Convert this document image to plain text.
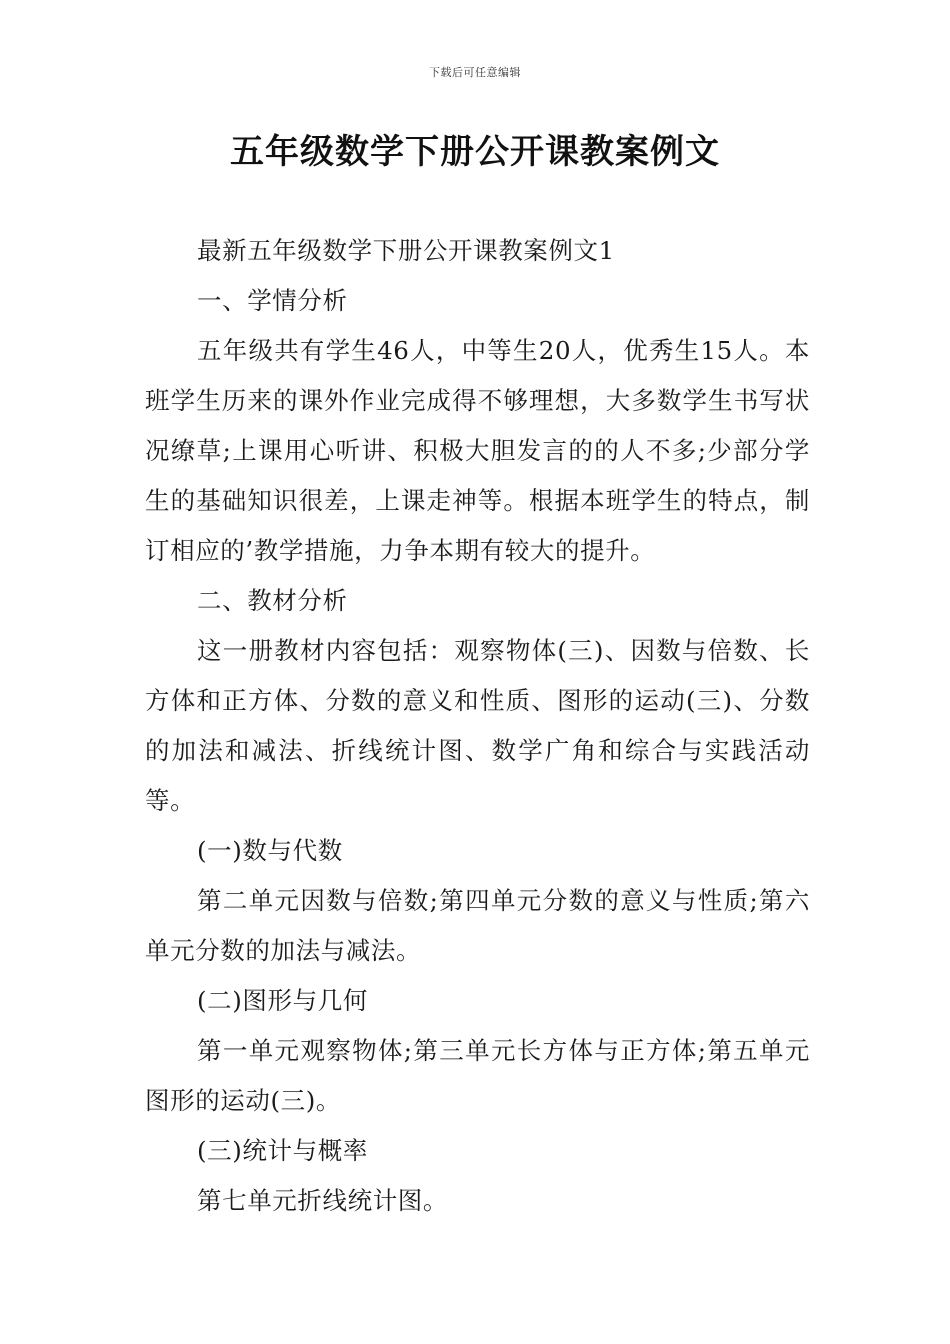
下载后可任意编辑
五年级数学下册公开课教案例文

最新五年级数学下册公开课教案例文1

一、学情分析

五年级共有学生46人，中等生20人，优秀生15人。本班学生历来的课外作业完成得不够理想，大多数学生书写状况缭草;上课用心听讲、积极大胆发言的的人不多;少部分学生的基础知识很差，上课走神等。根据本班学生的特点，制订相应的’教学措施，力争本期有较大的提升。

二、教材分析

这一册教材内容包括：观察物体(三)、因数与倍数、长方体和正方体、分数的意义和性质、图形的运动(三)、分数的加法和减法、折线统计图、数学广角和综合与实践活动等。

(一)数与代数

第二单元因数与倍数;第四单元分数的意义与性质;第六单元分数的加法与减法。

(二)图形与几何

第一单元观察物体;第三单元长方体与正方体;第五单元图形的运动(三)。

(三)统计与概率

第七单元折线统计图。
